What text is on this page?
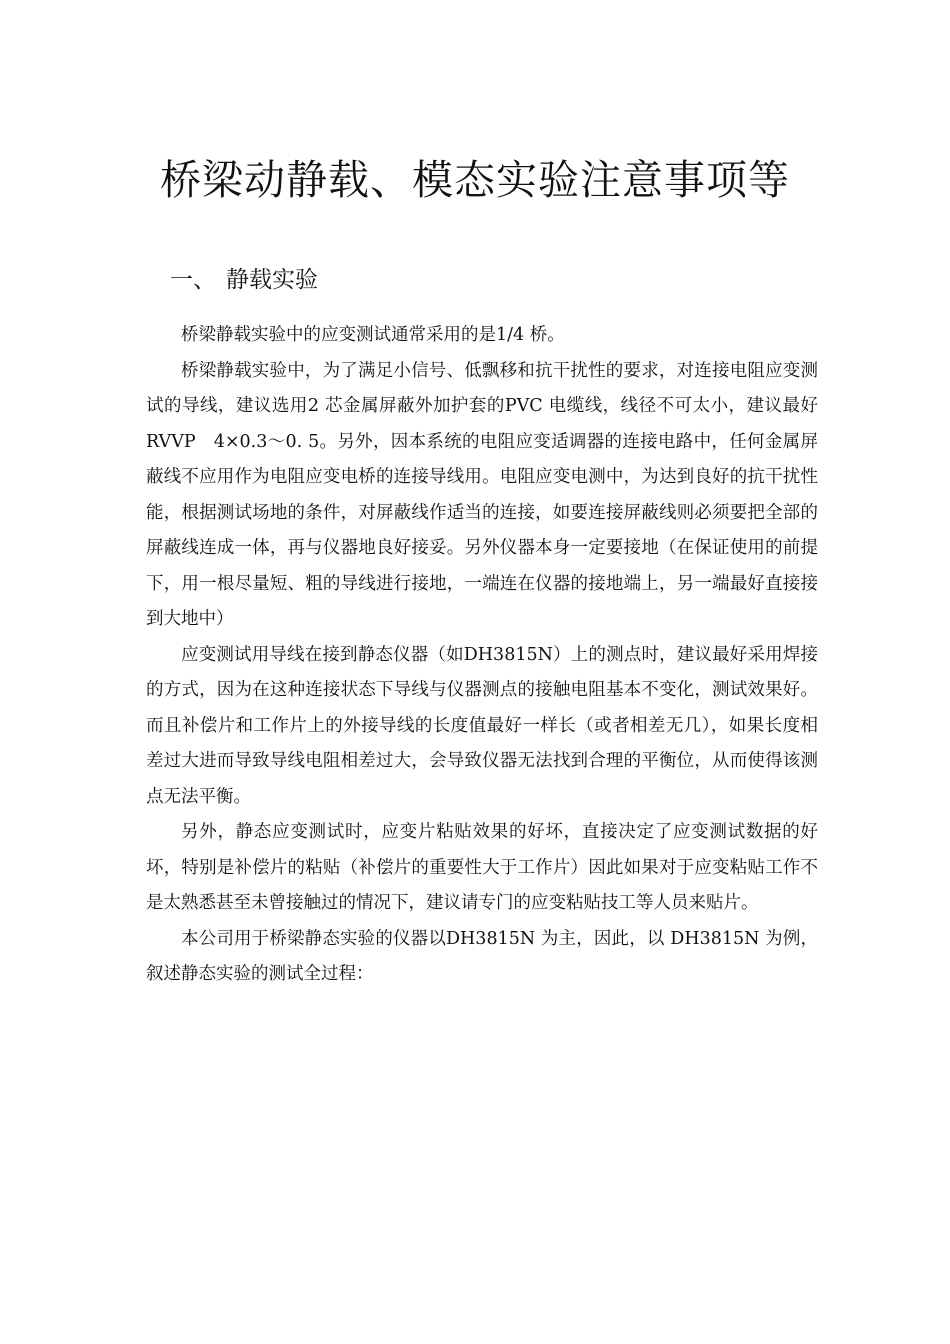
桥梁动静载、模态实验注意事项等
一、 静载实验

桥梁静载实验中的应变测试通常采用的是1/4 桥。

桥梁静载实验中，为了满足小信号、低飘移和抗干扰性的要求，对连接电阻应变测试的导线，建议选用2 芯金属屏蔽外加护套的PVC 电缆线，线径不可太小，建议最好 RVVP　4×0.3～0. 5。另外，因本系统的电阻应变适调器的连接电路中，任何金属屏蔽线不应用作为电阻应变电桥的连接导线用。电阻应变电测中，为达到良好的抗干扰性能，根据测试场地的条件，对屏蔽线作适当的连接，如要连接屏蔽线则必须要把全部的屏蔽线连成一体，再与仪器地良好接妥。另外仪器本身一定要接地（在保证使用的前提下，用一根尽量短、粗的导线进行接地，一端连在仪器的接地端上，另一端最好直接接到大地中）

应变测试用导线在接到静态仪器（如DH3815N）上的测点时，建议最好采用焊接的方式，因为在这种连接状态下导线与仪器测点的接触电阻基本不变化，测试效果好。而且补偿片和工作片上的外接导线的长度值最好一样长（或者相差无几），如果长度相差过大进而导致导线电阻相差过大，会导致仪器无法找到合理的平衡位，从而使得该测点无法平衡。

另外，静态应变测试时，应变片粘贴效果的好坏，直接决定了应变测试数据的好坏，特别是补偿片的粘贴（补偿片的重要性大于工作片）因此如果对于应变粘贴工作不是太熟悉甚至未曾接触过的情况下，建议请专门的应变粘贴技工等人员来贴片。

本公司用于桥梁静态实验的仪器以DH3815N 为主，因此，以 DH3815N 为例，叙述静态实验的测试全过程：
